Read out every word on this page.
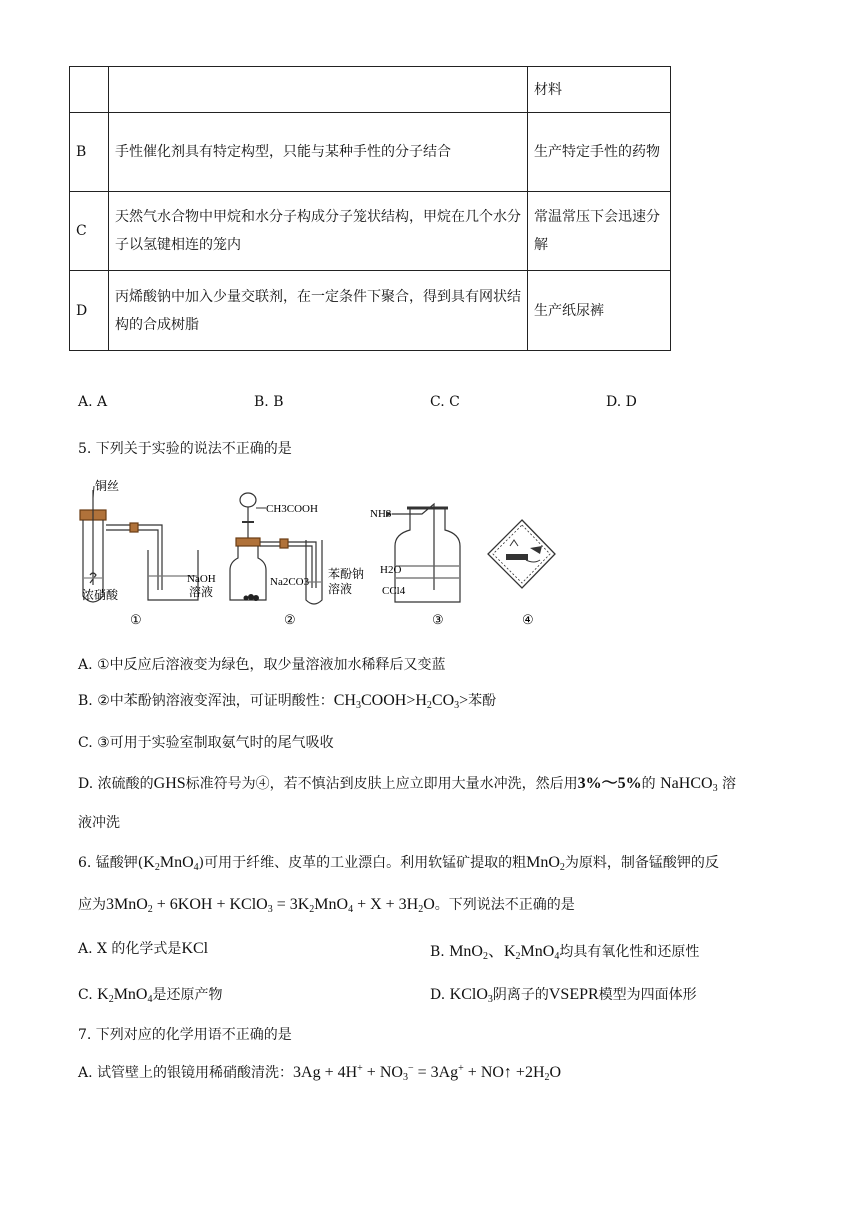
		材料
B	手性催化剂具有特定构型，只能与某种手性的分子结合	生产特定手性的药物
C	天然气水合物中甲烷和水分子构成分子笼状结构，甲烷在几个水分子以氢键相连的笼内	常温常压下会迅速分解
D	丙烯酸钠中加入少量交联剂，在一定条件下聚合，得到具有网状结构的合成树脂	生产纸尿裤
A. A	B. B	C. C	D. D
5. 下列关于实验的说法不正确的是
铜丝
浓硝酸
NaOH
溶液
CH3COOH
Na2CO3
苯酚钠
溶液
NH3
H2O
CCl4
①	②	③	④
A. ①中反应后溶液变为绿色，取少量溶液加水稀释后又变蓝
B. ②中苯酚钠溶液变浑浊，可证明酸性：$CH_3COOH>H_2CO_3>$苯酚
C. ③可用于实验室制取氨气时的尾气吸收
D. 浓硫酸的GHS标准符号为④，若不慎沾到皮肤上应立即用大量水冲洗，然后用3%～5%的 NaHCO$_3$ 溶
液冲洗
6. 锰酸钾$(K_2MnO_4)$可用于纤维、皮革的工业漂白。利用软锰矿提取的粗MnO$_2$为原料，制备锰酸钾的反
应为3MnO$_2$ + 6KOH + KClO$_3$ = $3K_2MnO_4 + X + 3H_2O$。下列说法不正确的是
A. X 的化学式是KCl	B. MnO$_2$、$K_2MnO_4$均具有氧化性和还原性
C. $K_2MnO_4$是还原产物	D. KClO$_3$阴离子的VSEPR模型为四面体形
7. 下列对应的化学用语不正确的是
A. 试管壁上的银镜用稀硝酸清洗：$3Ag + 4H^+ + NO_3^- = 3Ag^+$ + NO↑ $+2H_2O$
